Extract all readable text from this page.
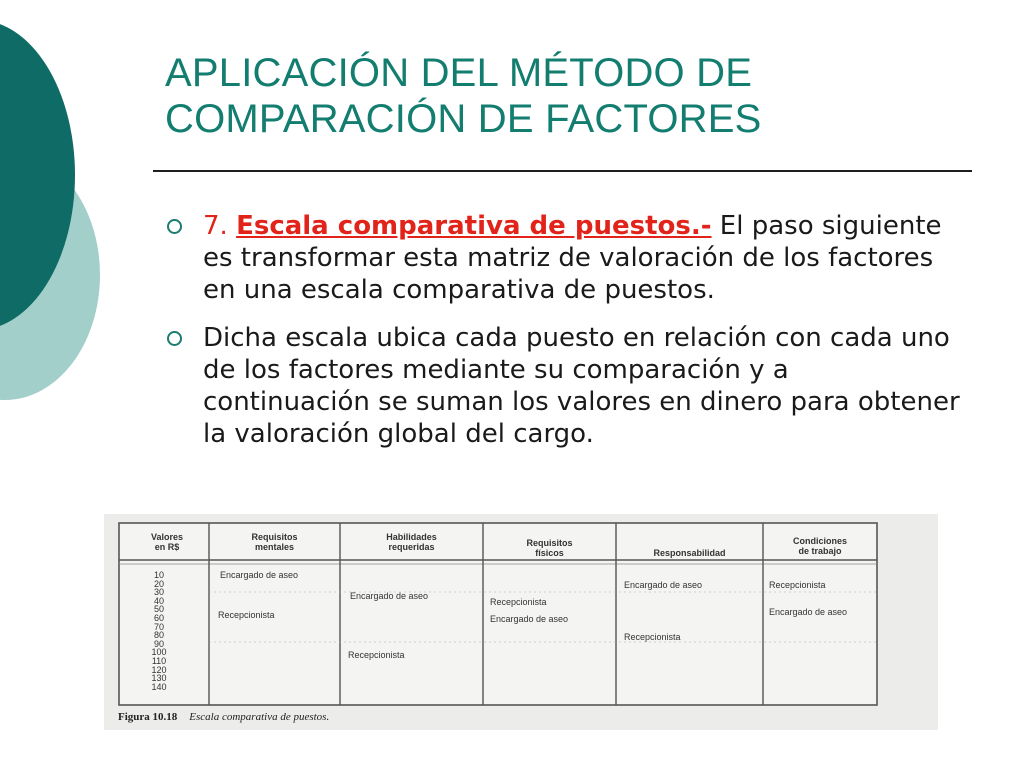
APLICACIÓN DEL MÉTODO DE
COMPARACIÓN DE FACTORES
7. Escala comparativa de puestos.- El paso siguiente es transformar esta matriz de valoración de los factores en una escala comparativa de puestos.
Dicha escala ubica cada puesto en relación con cada uno de los factores mediante su comparación y a continuación se suman los valores en dinero para obtener la valoración global del cargo.
Valores
en R$
Requisitos
mentales
Habilidades
requeridas	Requisitos
físicos	Responsabilidad
Condiciones
de trabajo
10
20
30
40
50
60
70
80
90
100
110
120
130
140
Encargado de aseo
Recepcionista
Encargado de aseo
Recepcionista
Recepcionista
Encargado de aseo
Encargado de aseo
Recepcionista
Recepcionista
Encargado de aseo
Figura 10.18 Escala comparativa de puestos.
